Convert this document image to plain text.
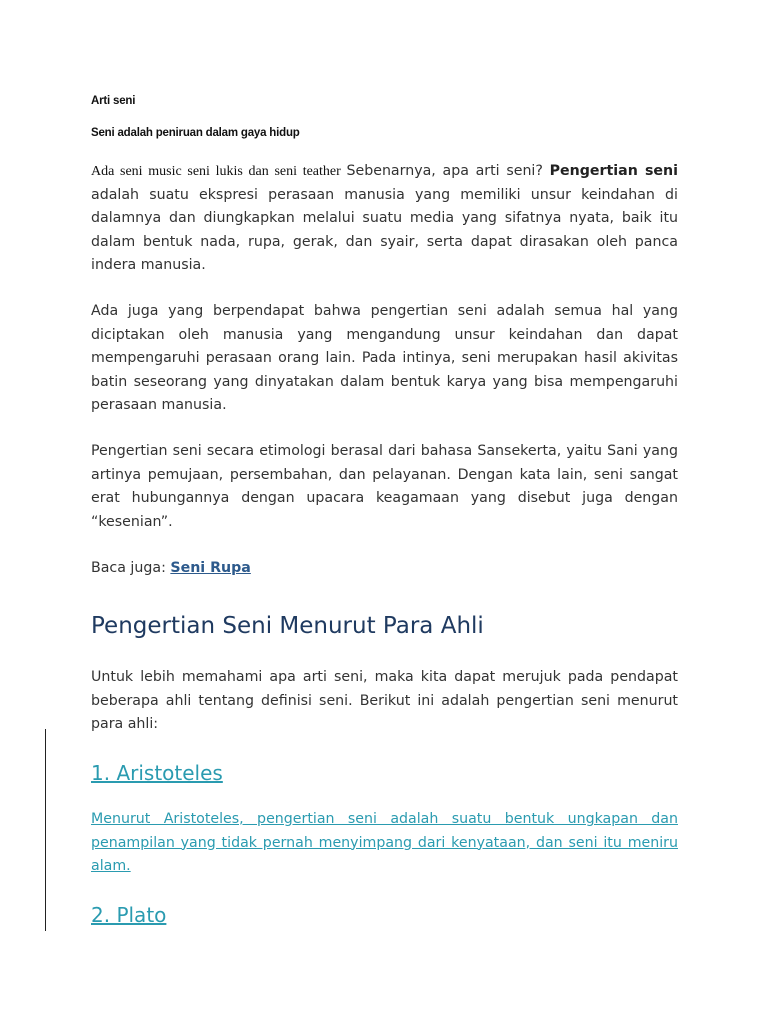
Arti seni
Seni adalah peniruan dalam gaya hidup

Ada seni music seni lukis dan seni teather Sebenarnya, apa arti seni? Pengertian seni adalah suatu ekspresi perasaan manusia yang memiliki unsur keindahan di dalamnya dan diungkapkan melalui suatu media yang sifatnya nyata, baik itu dalam bentuk nada, rupa, gerak, dan syair, serta dapat dirasakan oleh panca indera manusia.

Ada juga yang berpendapat bahwa pengertian seni adalah semua hal yang diciptakan oleh manusia yang mengandung unsur keindahan dan dapat mempengaruhi perasaan orang lain. Pada intinya, seni merupakan hasil akivitas batin seseorang yang dinyatakan dalam bentuk karya yang bisa mempengaruhi perasaan manusia.

Pengertian seni secara etimologi berasal dari bahasa Sansekerta, yaitu Sani yang artinya pemujaan, persembahan, dan pelayanan. Dengan kata lain, seni sangat erat hubungannya dengan upacara keagamaan yang disebut juga dengan “kesenian”.

Baca juga: Seni Rupa

Pengertian Seni Menurut Para Ahli

Untuk lebih memahami apa arti seni, maka kita dapat merujuk pada pendapat beberapa ahli tentang definisi seni. Berikut ini adalah pengertian seni menurut para ahli:

1. Aristoteles

Menurut Aristoteles, pengertian seni adalah suatu bentuk ungkapan dan penampilan yang tidak pernah menyimpang dari kenyataan, dan seni itu meniru alam.

2. Plato
